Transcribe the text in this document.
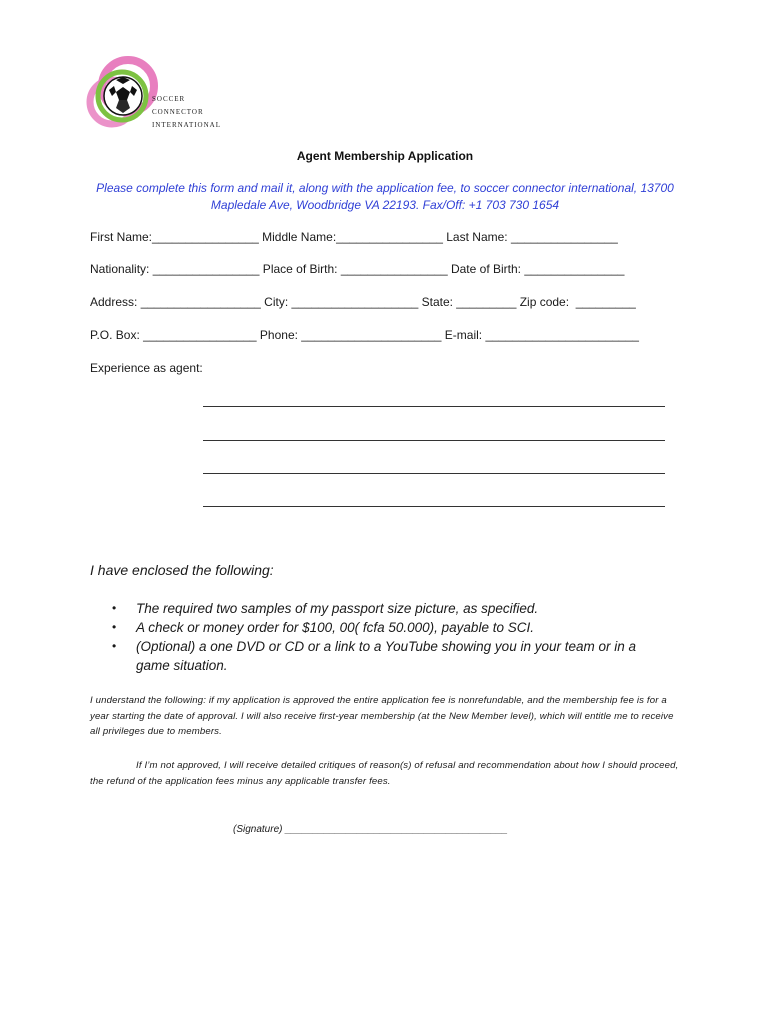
soccer
connector
international
Agent Membership Application
Please complete this form and mail it, along with the application fee, to soccer connector international, 13700 Mapledale Ave, Woodbridge VA 22193. Fax/Off: +1 703 730 1654
First Name:________________ Middle Name:________________ Last Name: ________________
Nationality: ________________ Place of Birth: ________________ Date of Birth: _______________
Address: __________________ City: ___________________ State: _________ Zip code:  _________
P.O. Box: _________________ Phone: _____________________ E-mail: _______________________
Experience as agent:
I have enclosed the following:
• The required two samples of my passport size picture, as specified.
• A check or money order for $100, 00( fcfa 50.000), payable to SCI.
• (Optional) a one DVD or CD or a link to a YouTube showing you in your team or in a game situation.
I understand the following: if my application is approved the entire application fee is nonrefundable, and the membership fee is for a year starting the date of approval. I will also receive first-year membership (at the New Member level), which will entitle me to receive all privileges due to members.
If I’m not approved, I will receive detailed critiques of reason(s) of refusal and recommendation about how I should proceed, the refund of the application fees minus any applicable transfer fees.
(Signature) ________________________________________
